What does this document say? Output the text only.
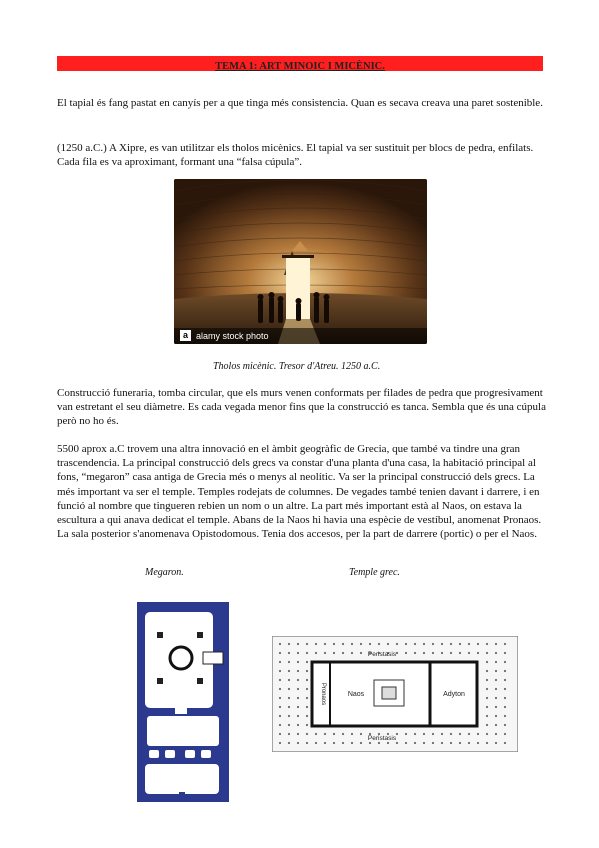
TEMA 1: ART MINOIC I MICÈNIC.

El tapial és fang pastat en canyís per a que tinga més consistencia. Quan es secava creava una paret sostenible.

(1250 a.C.) A Xipre, es van utilitzar els tholos micènics. El tapial va ser sustituit per blocs de pedra, enfilats. Cada fila es va aproximant, formant una “falsa cúpula”.

a alamy stock photo

Tholos micènic. Tresor d'Atreu. 1250 a.C.

Construcció funeraria, tomba circular, que els murs venen conformats per filades de pedra que progresivament van estretant el seu diàmetre. Es cada vegada menor fins que la construcció es tanca. Sembla que és una cúpula però no ho és.

5500 aprox a.C trovem una altra innovació en el àmbit geogràfic de Grecia, que també va tindre una gran trascendencia. La principal construcció dels grecs va constar d'una planta d'una casa, la habitació principal al fons, “megaron” casa antiga de Grecia més o menys al neolític. Va ser la principal construcció dels grecs. La més important va ser el temple. Temples rodejats de columnes. De vegades també tenien davant i darrere, i en funció al nombre que tingueren rebien un nom o un altre. La part més important està al Naos, on estava la escultura a qui anava dedicat el temple. Abans de la Naos hi havia una espècie de vestíbul, anomenat Pronaos. La sala posterior s'anomenava Opistodomous. Tenia dos accesos, per la part de darrere (portic) o per el Naos.

Megaron.	Temple grec.

Peristasis
Peristasis
Pronaos	Naos	Adyton
